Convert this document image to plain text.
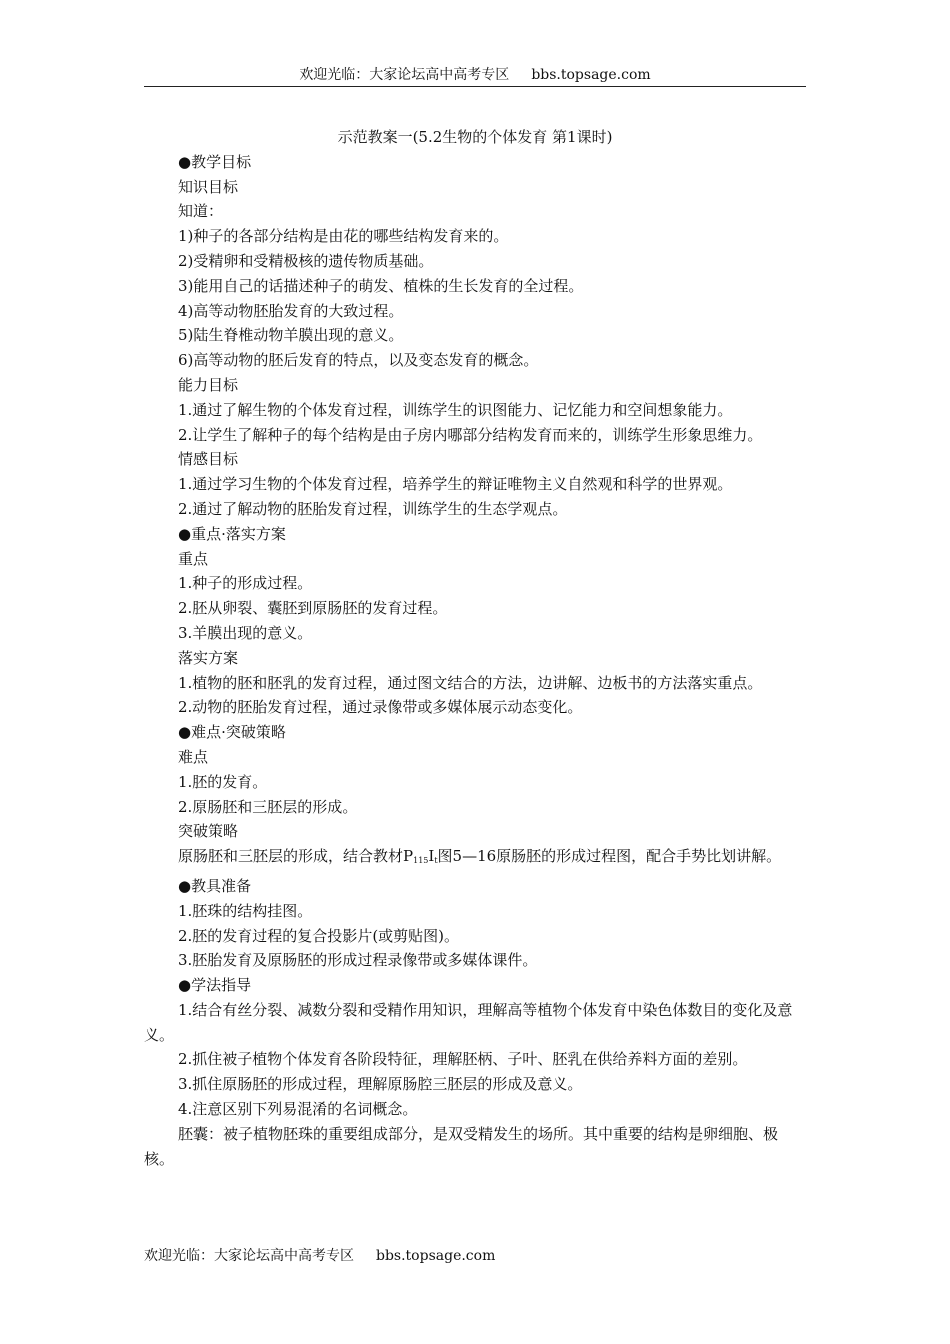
欢迎光临：大家论坛高中高考专区 bbs.topsage.com
示范教案一(5.2生物的个体发育 第1课时)

●教学目标

知识目标

知道：

1)种子的各部分结构是由花的哪些结构发育来的。

2)受精卵和受精极核的遗传物质基础。

3)能用自己的话描述种子的萌发、植株的生长发育的全过程。

4)高等动物胚胎发育的大致过程。

5)陆生脊椎动物羊膜出现的意义。

6)高等动物的胚后发育的特点，以及变态发育的概念。

能力目标

1.通过了解生物的个体发育过程，训练学生的识图能力、记忆能力和空间想象能力。

2.让学生了解种子的每个结构是由子房内哪部分结构发育而来的，训练学生形象思维力。

情感目标

1.通过学习生物的个体发育过程，培养学生的辩证唯物主义自然观和科学的世界观。

2.通过了解动物的胚胎发育过程，训练学生的生态学观点。

●重点·落实方案

重点

1.种子的形成过程。

2.胚从卵裂、囊胚到原肠胚的发育过程。

3.羊膜出现的意义。

落实方案

1.植物的胚和胚乳的发育过程，通过图文结合的方法，边讲解、边板书的方法落实重点。

2.动物的胚胎发育过程，通过录像带或多媒体展示动态变化。

●难点·突破策略

难点

1.胚的发育。

2.原肠胚和三胚层的形成。

突破策略

原肠胚和三胚层的形成，结合教材$P_{115}I_t$图5—16原肠胚的形成过程图，配合手势比划讲解。

●教具准备

1.胚珠的结构挂图。

2.胚的发育过程的复合投影片(或剪贴图)。

3.胚胎发育及原肠胚的形成过程录像带或多媒体课件。

●学法指导

1.结合有丝分裂、减数分裂和受精作用知识，理解高等植物个体发育中染色体数目的变化及意义。

2.抓住被子植物个体发育各阶段特征，理解胚柄、子叶、胚乳在供给养料方面的差别。

3.抓住原肠胚的形成过程，理解原肠腔三胚层的形成及意义。

4.注意区别下列易混淆的名词概念。

胚囊：被子植物胚珠的重要组成部分，是双受精发生的场所。其中重要的结构是卵细胞、极核。

欢迎光临：大家论坛高中高考专区 bbs.topsage.com
